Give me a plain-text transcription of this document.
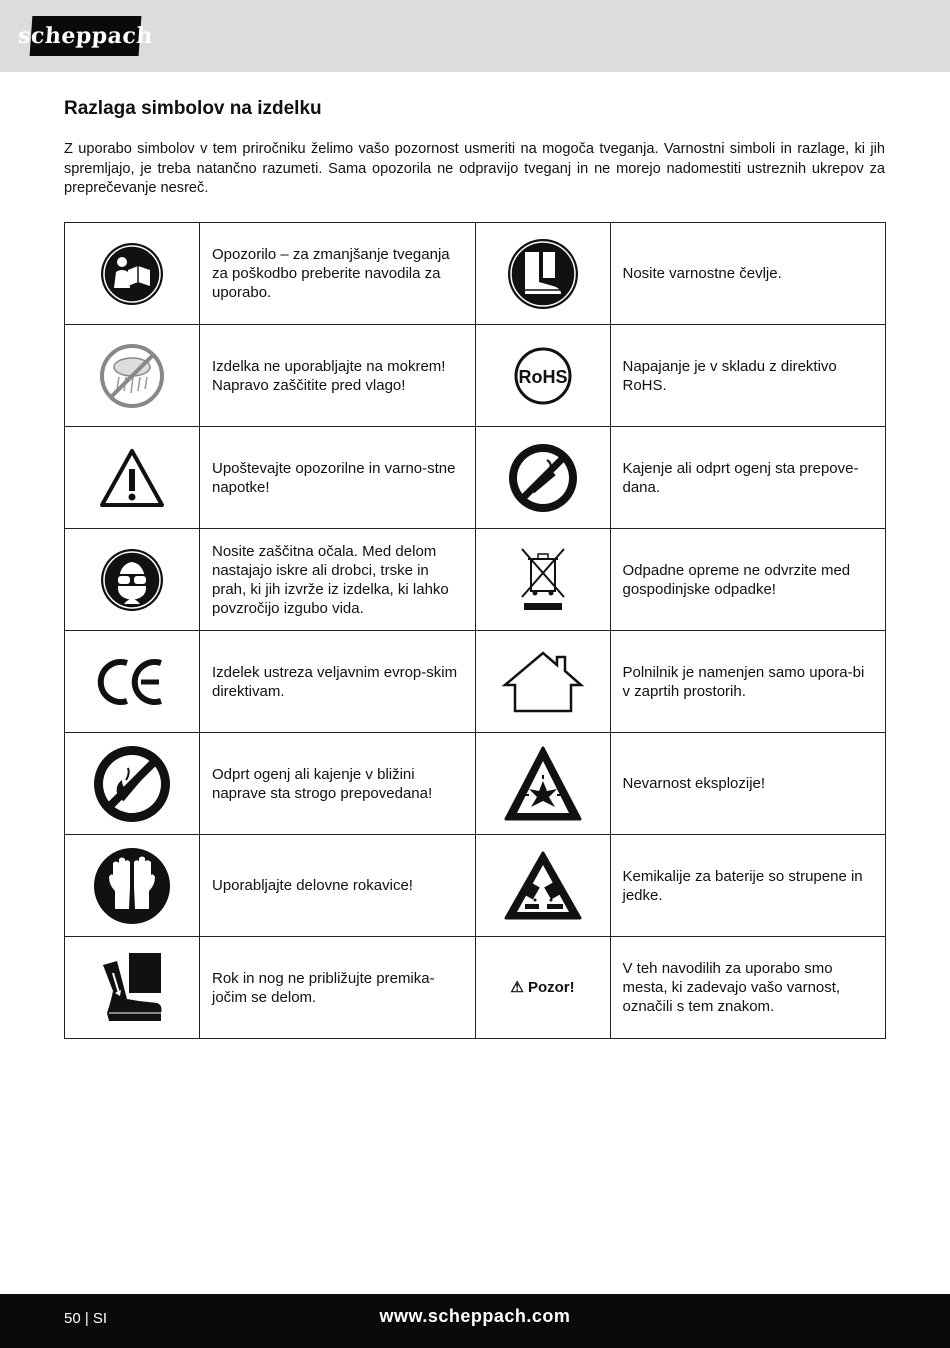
scheppach
Razlaga simbolov na izdelku
Z uporabo simbolov v tem priročniku želimo vašo pozornost usmeriti na mogoča tveganja. Varnostni simboli in razlage, ki jih spremljajo, je treba natančno razumeti. Sama opozorila ne odpravijo tveganj in ne morejo nadomestiti ustreznih ukrepov za preprečevanje nesreč.
	Opozorilo – za zmanjšanje tveganja za poškodbo preberite navodila za uporabo.		Nosite varnostne čevlje.

	Izdelka ne uporabljajte na mokrem! Napravo zaščitite pred vlago!	RoHS	Napajanje je v skladu z direktivo RoHS.

	Upoštevajte opozorilne in varno-stne napotke!		Kajenje ali odprt ogenj sta prepove-dana.

	Nosite zaščitna očala. Med delom nastajajo iskre ali drobci, trske in prah, ki jih izvrže iz izdelka, ki lahko povzročijo izgubo vida.		Odpadne opreme ne odvrzite med gospodinjske odpadke!

	Izdelek ustreza veljavnim evrop-skim direktivam.		Polnilnik je namenjen samo upora-bi v zaprtih prostorih.

	Odprt ogenj ali kajenje v bližini naprave sta strogo prepovedana!		Nevarnost eksplozije!

	Uporabljajte delovne rokavice!		Kemikalije za baterije so strupene in jedke.

	Rok in nog ne približujte premika-jočim se delom.	⚠ Pozor!	V teh navodilih za uporabo smo mesta, ki zadevajo vašo varnost, označili s tem znakom.
50 | SI	www.scheppach.com
